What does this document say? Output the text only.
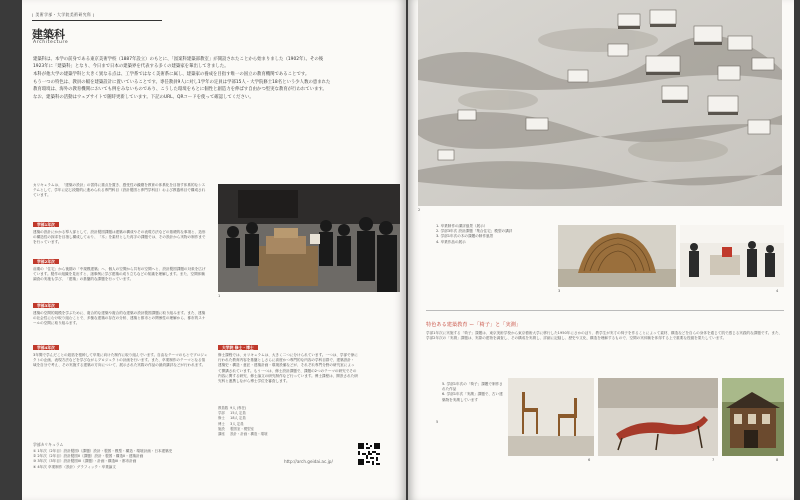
| 美術学部・大学院美術研究科 |
建築科
Architecture

建築科は、本学の前身である東京美術学校（1887年設立）のもとに、「図案科建築部教室」が開設されたことから始まりました（1902年）。その後1923年に「建築科」となり、今日まで日本の建築界を代表する多くの建築家を輩出してきました。

本科が他大学の建築学科と大きく異なる点は、工学系ではなく美術系に属し、建築家の養成を目指す唯一の国立の教育機関であることです。

もう一つの特色は、教員の幅を建築設計に置いていることです。専任教員9人に対し1学年の定員は学部15人・大学院修士18名という少人数の恵まれた教育環境は、海外の教育機関においても例をみないものであり、こうした環境をもとに個性と創造力を伸ばす自由かつ堅実な教育が行われています。

なお、建築科の活動はウェブサイトで随時更新しています。下記のURL、QRコードを使って確認してください。

カリキュラムは、「建築の設計」の習得に重点を置き、感受性の錬磨を教育の体系化を目指す体系的なシステムとして、学年に応じ段階的に進められる専門科目（設計製図と専門学科目）および教養科目で構成されています。
学部1年次
建築の設計にかかる導入部として、設計製図課題は建築の構成やその表現方法などの基礎的な事項と、造形の構造性の探求を目指し構成しており、「木」を素材とした再字の課題では、その設計から実物の制作までを行っています。
学部2年次
前期の「住宅」から後期の「中規模建築」へ、個人の空間から共有の空間へと、設計製図課題の対象を広げています。製作の組織を見出すと、諸事例に学び建築の成り立ちなどの知識を理解します。また、空間体験調査の実施も学び、「建築」の基盤的な課題を行っています。
学部3年次
建築の空間的規模を学ぶために、複合的な建築や複合的な建築の設計製図課題に取り組みます。また、建築の社会性にむけ取り組むことで、多様な建築の存在の分析、建築と都市との関係性の理解から、都市的スケールの空間に取り組みます。
学部4年次
3年間で学んだことの総括を根幹して卒業に向けた制作に取り組んでいます。自由なテーマのもとでプロジェクトの企画、表現方法などを学びながらプロジェクトの計画を行います。また、卒業制作のテーマとなる領域を自分で考え、その実施する建築の方向について、展示された実際の作品の最終講評などが行われます。
1
大学院 修士・博士
修士課程では、カリキュラムは、大きく二つに分けられています。一つは、学部で徐に行われた教育内容を基盤としさらに高度かつ専門的な内容の学科目群で、建築設計・建築史・構造・意匠・建築計画・環境設備などが、それぞれ専門分野の研究室によって開講されています。もう一つは、修士設計課題で、課題の2つのテーマの研究でその内容に関する研究、修士論文の研究制作など行っています。博士課程は、開設された研究科と連携しながら博士学位を審査します。
教員数	9人 (専任)
学部	15人 定員
修士	18人 定員
博士	3人 定員
施設	製図室・模型室
講座	設計・計画・構造・環境
学部カリキュラム
① 1年次（2年目）設計製図I（課題）設計・製図・模型・構造・環境計画・日本建築史
② 2年次（2年目）設計製図II（課題）設計・製図・構造II・建築計画
③ 3年次（3年目）設計製図III（課題）・計画・構造III・都市計画
④ 4年次 卒業制作（設計）グラフィック・卒業論文
http://arch.geidai.ac.jp/
2
1. 卒業制作の講評風景（展示）
2. 学部3年次 設計課題「集合住宅」模型の講評
3. 学部1年次の木の課題の制作風景
4. 卒業作品の展示
3	4
特色ある建築教育 ー「椅子」と「実測」
学部1年次に実施する「椅子」課題は、東京美術学校から東京藝術大学に移行した1950年にさかのぼり、教学生が実寸の椅子を作ることによって素材、構造などを自らの身体を通じて肌で感じる実践的な課題です。また、学部2年次の「実測」課題は、実際の建物を調査し、その構成を実測し、詳細に記録し、歴史や文化、構造を理解するもので、空間の実体験を体得する上で重要な役割を果たしています。
5. 学部1年次の「椅子」課題で制作された作品
6. 学部1年次「実測」課題で、古い建築物を実測しています
5
6	7	8
